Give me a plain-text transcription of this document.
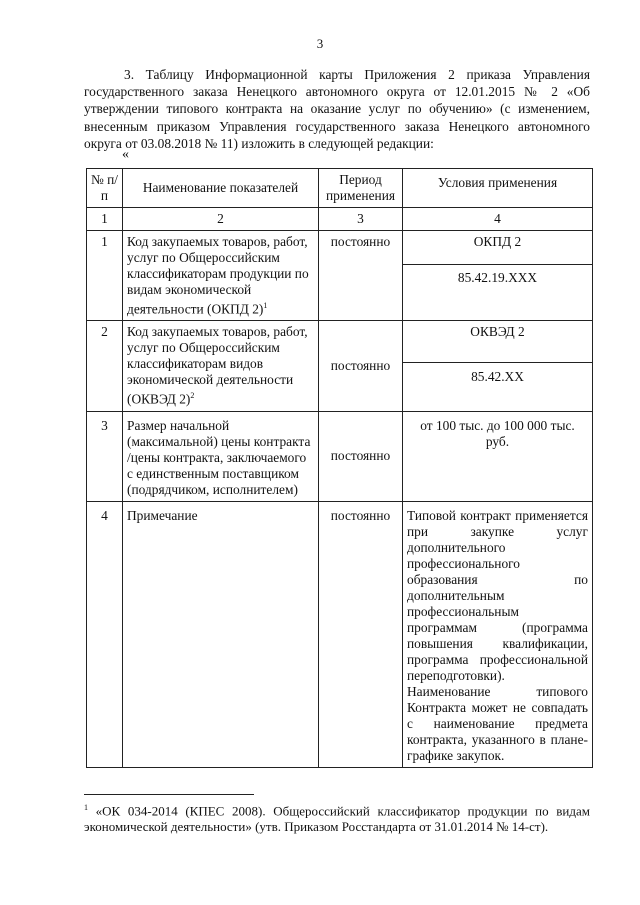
3
3. Таблицу Информационной карты Приложения 2 приказа Управления государственного заказа Ненецкого автономного округа от 12.01.2015 № 2 «Об утверждении типового контракта на оказание услуг по обучению» (с изменением, внесенным приказом Управления государственного заказа Ненецкого автономного округа от 03.08.2018 № 11) изложить в следующей редакции:
«
№ п/п	Наименование показателей	Период применения	Условия применения
1	2	3	4
1	Код закупаемых товаров, работ, услуг по Общероссийским классификаторам продукции по видам экономической деятельности (ОКПД 2)$^1$	постоянно	ОКПД 2
			85.42.19.ХХХ
2	Код закупаемых товаров, работ, услуг по Общероссийским классификаторам видов экономической деятельности (ОКВЭД 2)$^2$	постоянно	ОКВЭД 2
			85.42.ХХ
3	Размер начальной (максимальной) цены контракта /цены контракта, заключаемого с единственным поставщиком (подрядчиком, исполнителем)	постоянно	от 100 тыс. до 100 000 тыс. руб.
4	Примечание	постоянно	Типовой контракт применяется при закупке услуг дополнительного профессионального образования по дополнительным профессиональным программам (программа повышения квалификации, программа профессиональной переподготовки). Наименование типового Контракта может не совпадать с наименование предмета контракта, указанного в плане-графике закупок.
$^1$ «ОК 034-2014 (КПЕС 2008). Общероссийский классификатор продукции по видам экономической деятельности» (утв. Приказом Росстандарта от 31.01.2014 № 14-ст).
